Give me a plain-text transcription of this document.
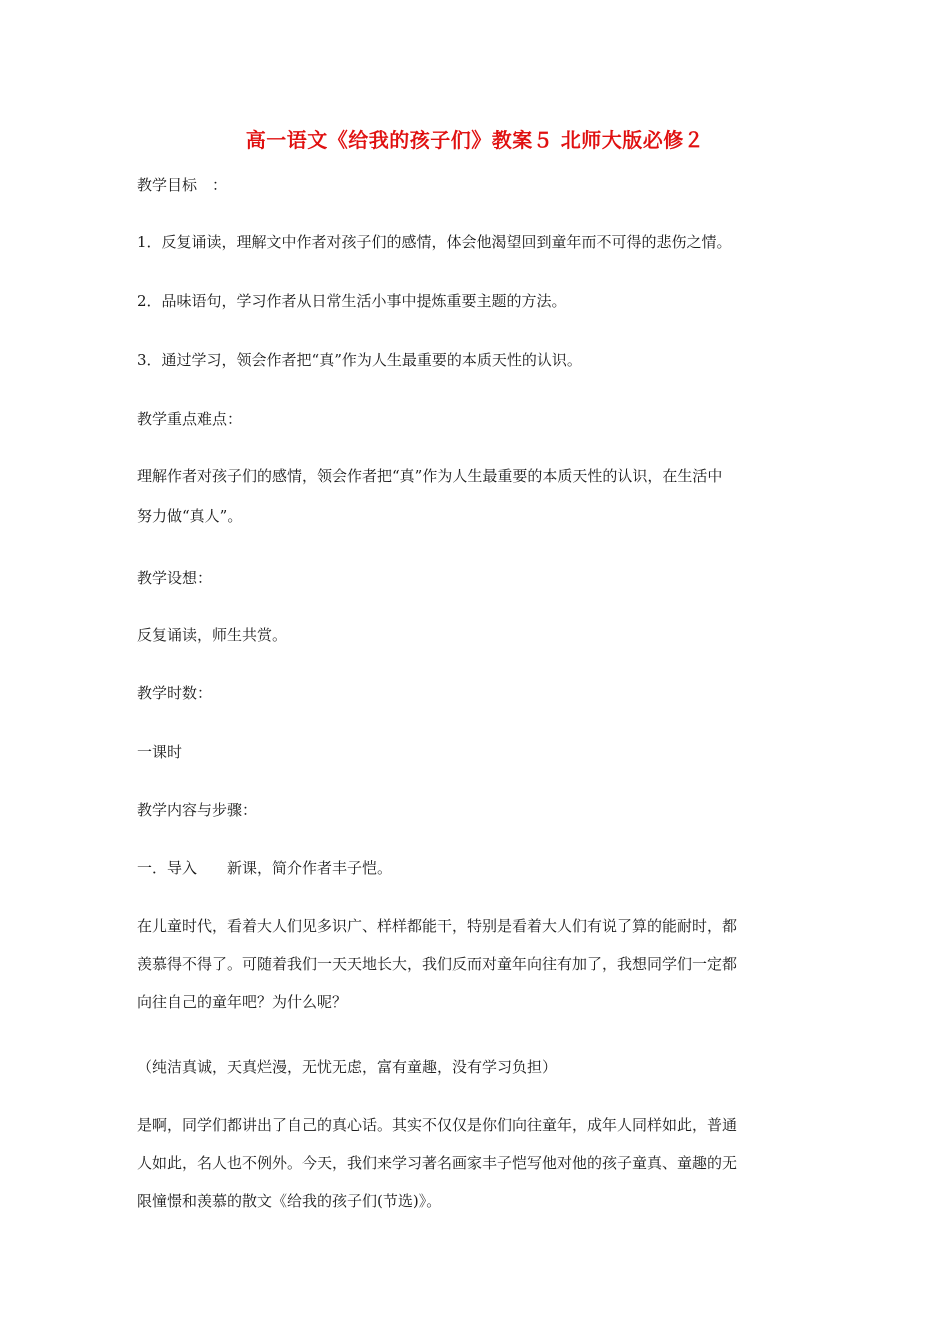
高一语文《给我的孩子们》教案５ 北师大版必修２
教学目标　：
1．反复诵读，理解文中作者对孩子们的感情，体会他渴望回到童年而不可得的悲伤之情。
2．品味语句，学习作者从日常生活小事中提炼重要主题的方法。
3．通过学习，领会作者把“真”作为人生最重要的本质天性的认识。
教学重点难点：
理解作者对孩子们的感情，领会作者把“真”作为人生最重要的本质天性的认识，在生活中
努力做“真人”。
教学设想：
反复诵读，师生共赏。
教学时数：
一课时
教学内容与步骤：
一．导入　　新课，简介作者丰子恺。
在儿童时代，看着大人们见多识广、样样都能干，特别是看着大人们有说了算的能耐时，都
羡慕得不得了。可随着我们一天天地长大，我们反而对童年向往有加了，我想同学们一定都
向往自己的童年吧？为什么呢？
（纯洁真诚，天真烂漫，无忧无虑，富有童趣，没有学习负担）
是啊，同学们都讲出了自己的真心话。其实不仅仅是你们向往童年，成年人同样如此，普通
人如此，名人也不例外。今天，我们来学习著名画家丰子恺写他对他的孩子童真、童趣的无
限憧憬和羡慕的散文《给我的孩子们(节选)》。
